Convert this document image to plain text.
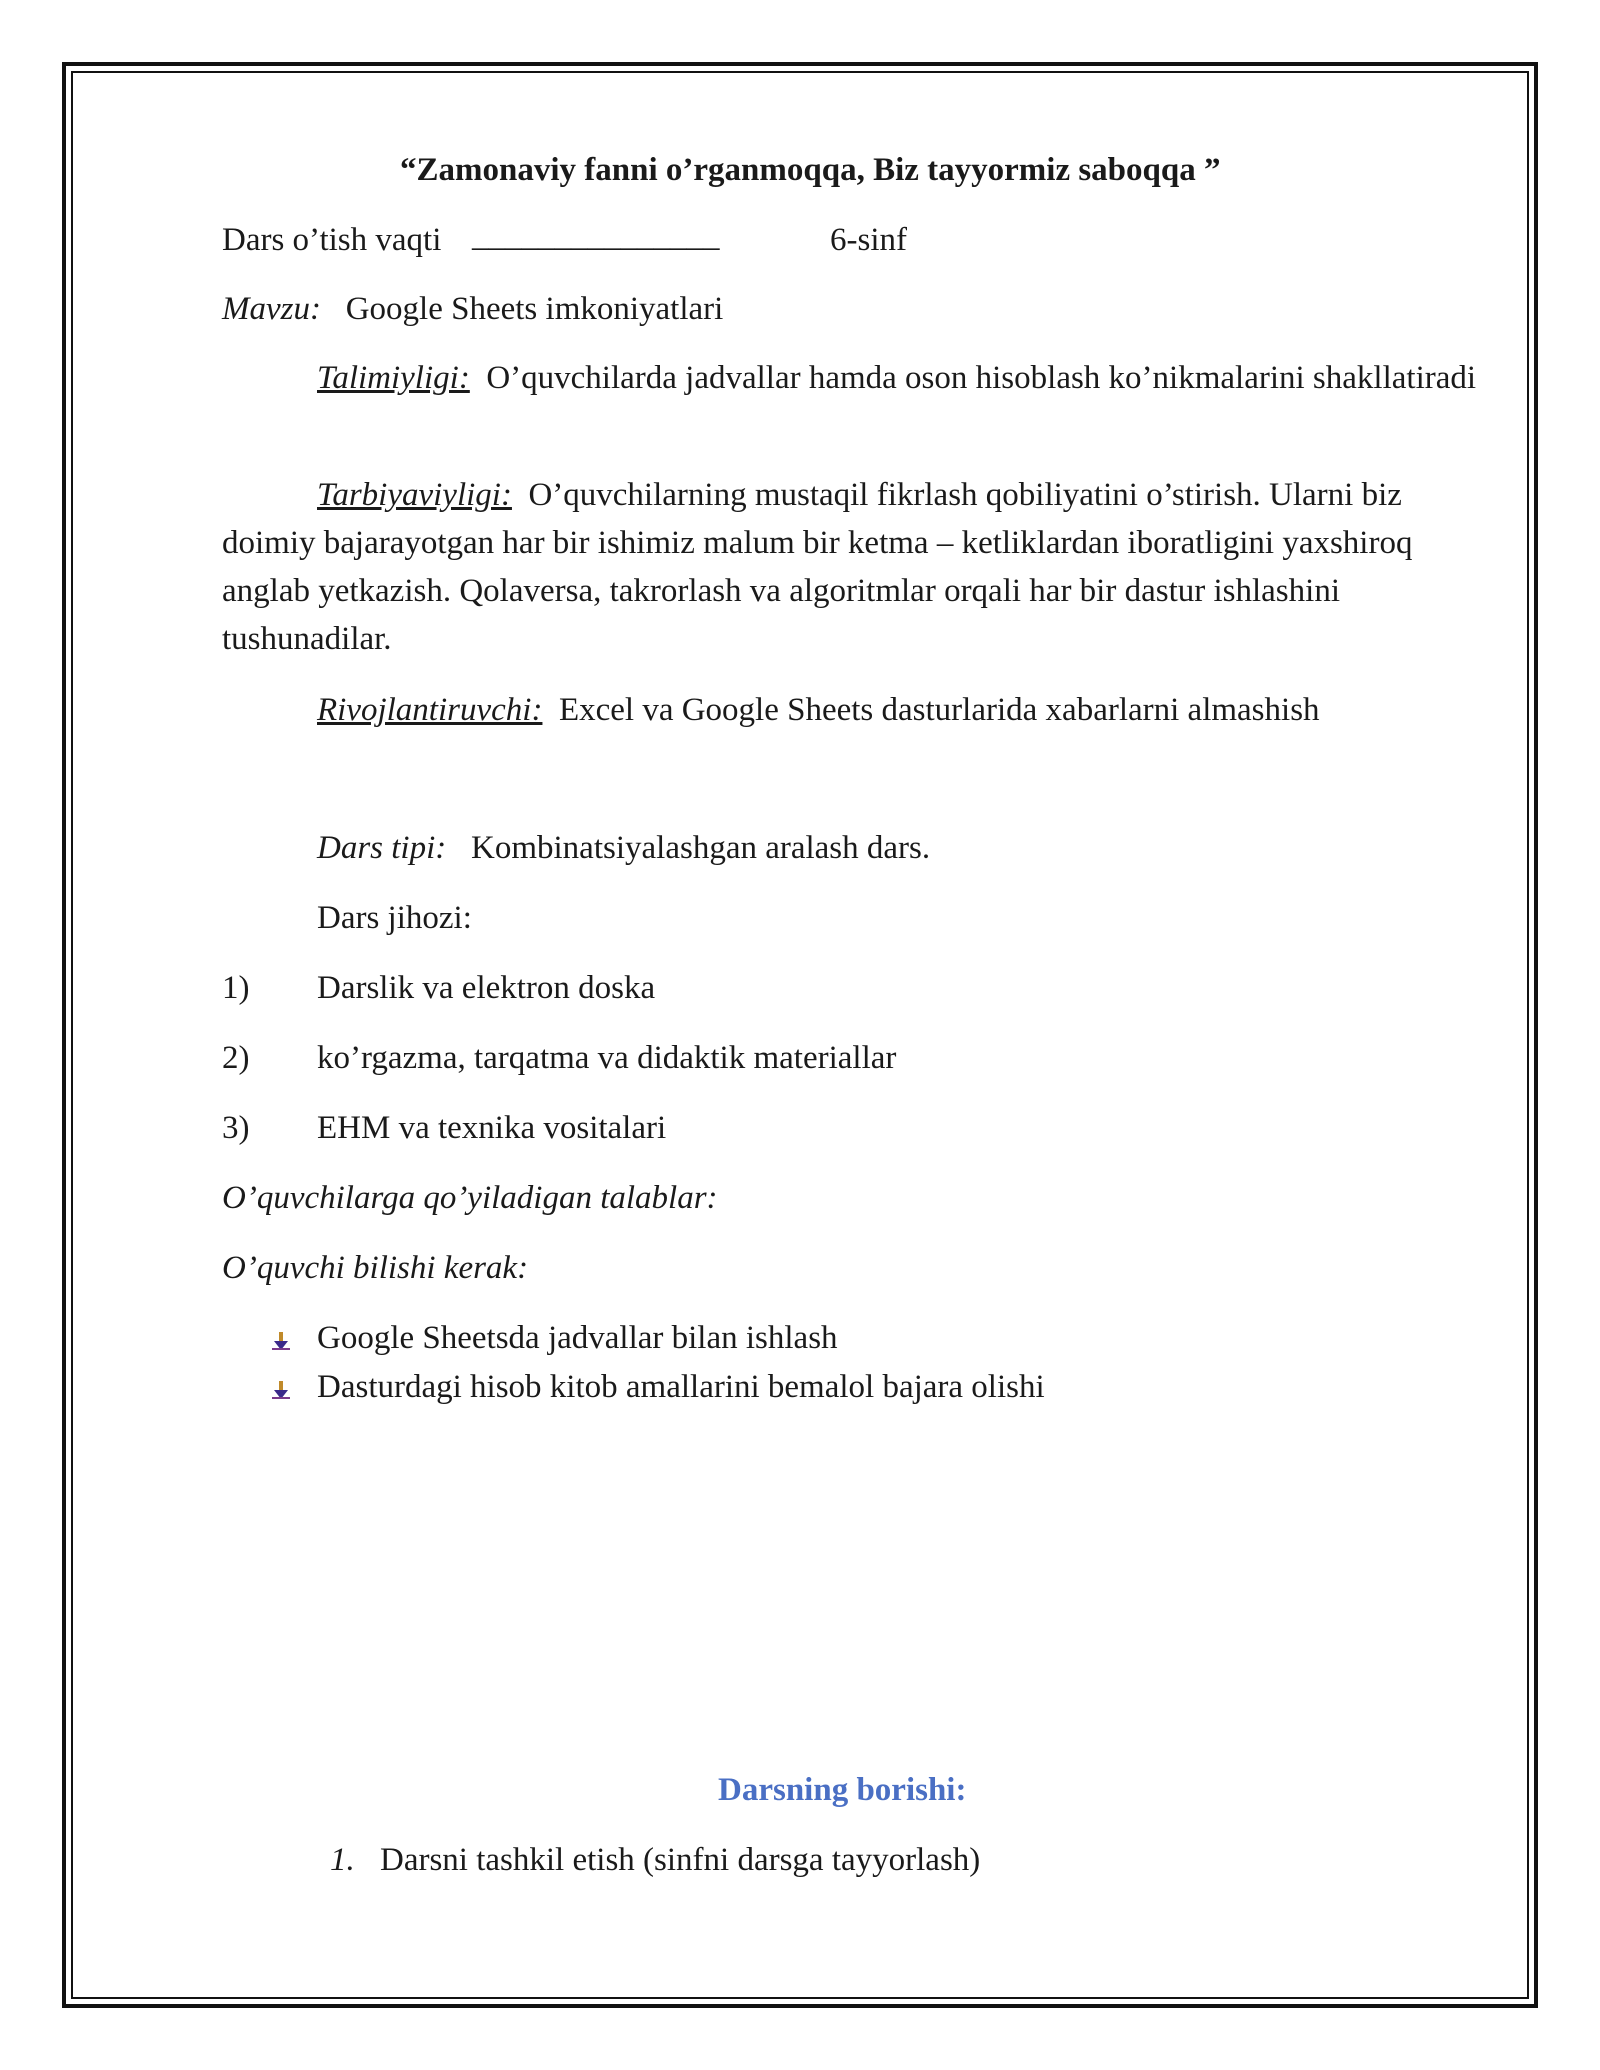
“Zamonaviy fanni o’rganmoqqa, Biz tayyormiz saboqqa ”
Dars o’tish vaqti _______________	6-sinf
Mavzu: Google Sheets imkoniyatlari
Talimiyligi: O’quvchilarda jadvallar hamda oson hisoblash ko’nikmalarini shakllatiradi
Tarbiyaviyligi: O’quvchilarning mustaqil fikrlash qobiliyatini o’stirish. Ularni biz doimiy bajarayotgan har bir ishimiz malum bir ketma – ketliklardan iboratligini yaxshiroq anglab yetkazish. Qolaversa, takrorlash va algoritmlar orqali har bir dastur ishlashini tushunadilar.
Rivojlantiruvchi: Excel va Google Sheets dasturlarida xabarlarni almashish
Dars tipi: Kombinatsiyalashgan aralash dars.
Dars jihozi:
1) Darslik va elektron doska
2) ko’rgazma, tarqatma va didaktik materiallar
3) EHM va texnika vositalari
O’quvchilarga qo’yiladigan talablar:
O’quvchi bilishi kerak:
Google Sheetsda jadvallar bilan ishlash
Dasturdagi hisob kitob amallarini bemalol bajara olishi
Darsning borishi:
1. Darsni tashkil etish (sinfni darsga tayyorlash)
